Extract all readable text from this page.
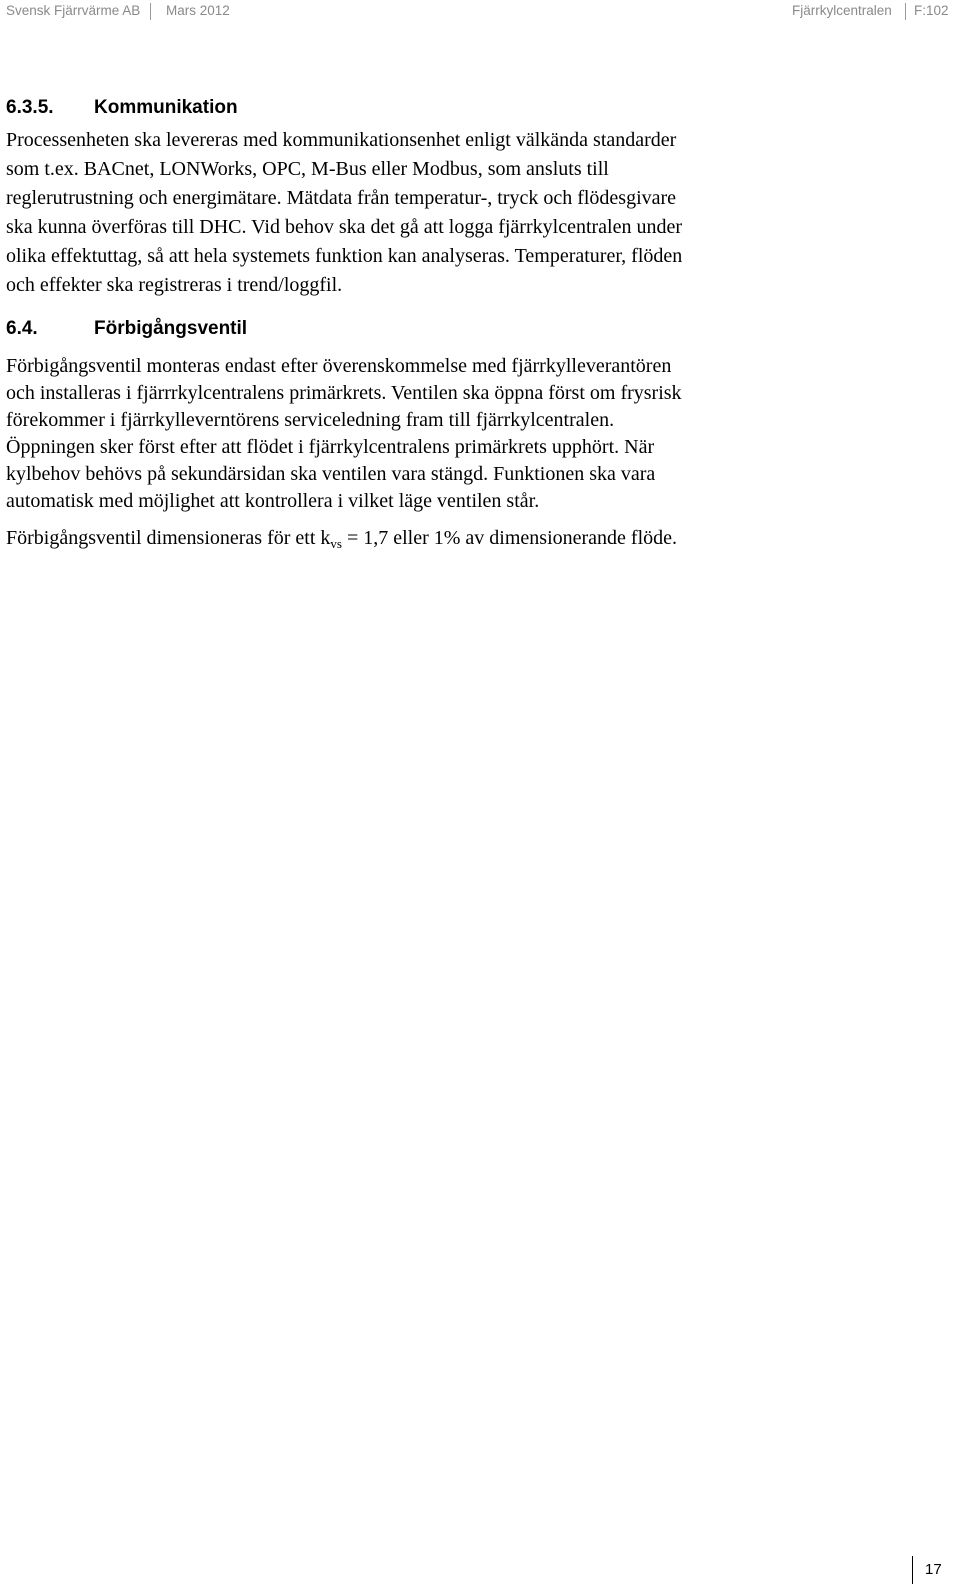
Svensk Fjärrvärme AB Mars 2012	Fjärrkylcentralen F:102
6.3.5. Kommunikation
Processenheten ska levereras med kommunikationsenhet enligt välkända standarder
som t.ex. BACnet, LONWorks, OPC, M-Bus eller Modbus, som ansluts till
reglerutrustning och energimätare. Mätdata från temperatur-, tryck och flödesgivare
ska kunna överföras till DHC. Vid behov ska det gå att logga fjärrkylcentralen under
olika effektuttag, så att hela systemets funktion kan analyseras. Temperaturer, flöden
och effekter ska registreras i trend/loggfil.
6.4.	Förbigångsventil
Förbigångsventil monteras endast efter överenskommelse med fjärrkylleverantören
och installeras i fjärrrkylcentralens primärkrets. Ventilen ska öppna först om frysrisk
förekommer i fjärrkylleverntörens serviceledning fram till fjärrkylcentralen.
Öppningen sker först efter att flödet i fjärrkylcentralens primärkrets upphört. När
kylbehov behövs på sekundärsidan ska ventilen vara stängd. Funktionen ska vara
automatisk med möjlighet att kontrollera i vilket läge ventilen står.
Förbigångsventil dimensioneras för ett $k_{vs} = 1,7$ eller 1% av dimensionerande flöde.
17
